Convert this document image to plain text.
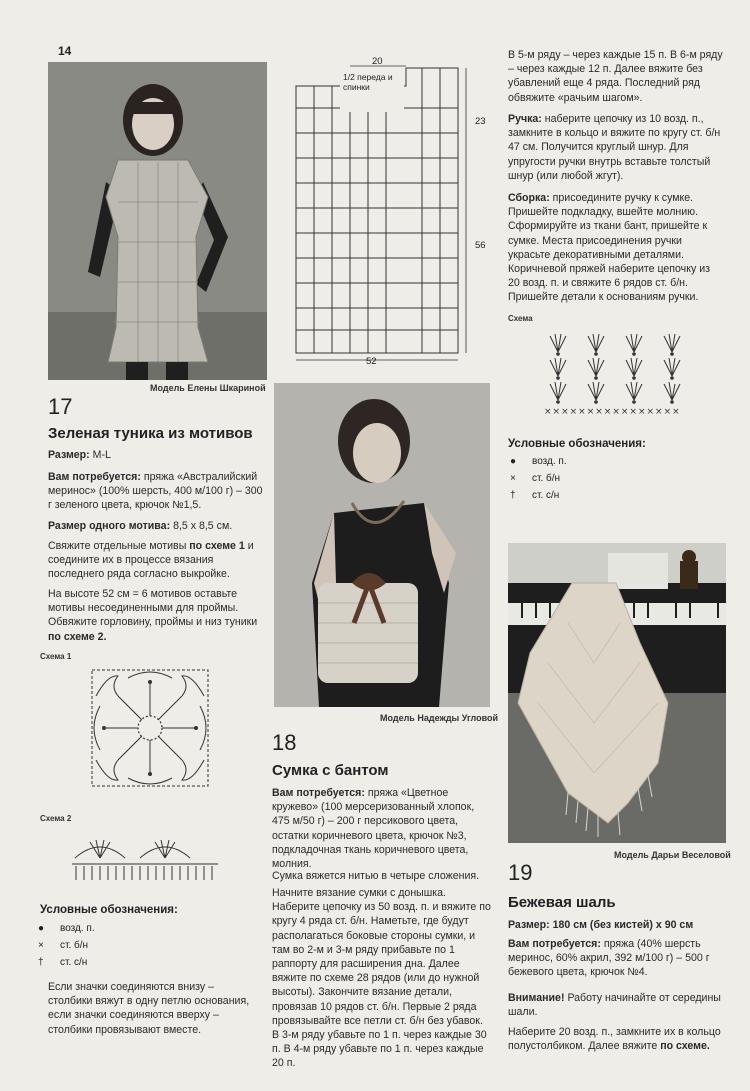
14
Модель Елены Шкариной
17
Зеленая туника из мотивов
Размер: M-L
Вам потребуется: пряжа «Австралийский меринос» (100% шерсть, 400 м/100 г) – 300 г зеленого цвета, крючок №1,5.
Размер одного мотива: 8,5 х 8,5 см.
Свяжите отдельные мотивы по схеме 1 и соедините их в процессе вязания последнего ряда согласно выкройке.
На высоте 52 см = 6 мотивов оставьте мотивы несоединенными для проймы. Обвяжите горловину, проймы и низ туники по схеме 2.
Схема 1
Схема 2
Условные обозначения:
● возд. п.
× ст. б/н
† ст. с/н
Если значки соединяются внизу – столбики вяжут в одну петлю основания, если значки соединяются вверху – столбики провязывают вместе.
20
1/2 переда и спинки
23
56
52
Модель Надежды Угловой
18
Сумка с бантом
Вам потребуется: пряжа «Цветное кружево» (100 мерсеризованный хлопок, 475 м/50 г) – 200 г персикового цвета, остатки коричневого цвета, крючок №3, подкладочная ткань коричневого цвета, молния.
Сумка вяжется нитью в четыре сложения.
Начните вязание сумки с донышка. Наберите цепочку из 50 возд. п. и вяжите по кругу 4 ряда ст. б/н. Наметьте, где будут располагаться боковые стороны сумки, и там во 2-м и 3-м ряду прибавьте по 1 раппорту для расширения дна. Далее вяжите по схеме 28 рядов (или до нужной высоты). Закончите вязание детали, провязав 10 рядов ст. б/н. Первые 2 ряда провязывайте все петли ст. б/н без убавок. В 3-м ряду убавьте по 1 п. через каждые 30 п. В 4-м ряду убавьте по 1 п. через каждые 20 п.
В 5-м ряду – через каждые 15 п. В 6-м ряду – через каждые 12 п. Далее вяжите без убавлений еще 4 ряда. Последний ряд обвяжите «рачьим шагом».
Ручка: наберите цепочку из 10 возд. п., замкните в кольцо и вяжите по кругу ст. б/н 47 см. Получится круглый шнур. Для упругости ручки внутрь вставьте толстый шнур (или любой жгут).
Сборка: присоедините ручку к сумке. Пришейте подкладку, вшейте молнию. Сформируйте из ткани бант, пришейте к сумке. Места присоединения ручки украсьте декоративными деталями. Коричневой пряжей наберите цепочку из 20 возд. п. и свяжите 6 рядов ст. б/н. Пришейте детали к основаниям ручки.
Схема
××××××××××××××××
Условные обозначения:
● возд. п.
× ст. б/н
† ст. с/н
Модель Дарьи Веселовой
19
Бежевая шаль
Размер: 180 см (без кистей) х 90 см
Вам потребуется: пряжа (40% шерсть меринос, 60% акрил, 392 м/100 г) – 500 г бежевого цвета, крючок №4.
Внимание! Работу начинайте от середины шали.
Наберите 20 возд. п., замкните их в кольцо полустолбиком. Далее вяжите по схеме.
